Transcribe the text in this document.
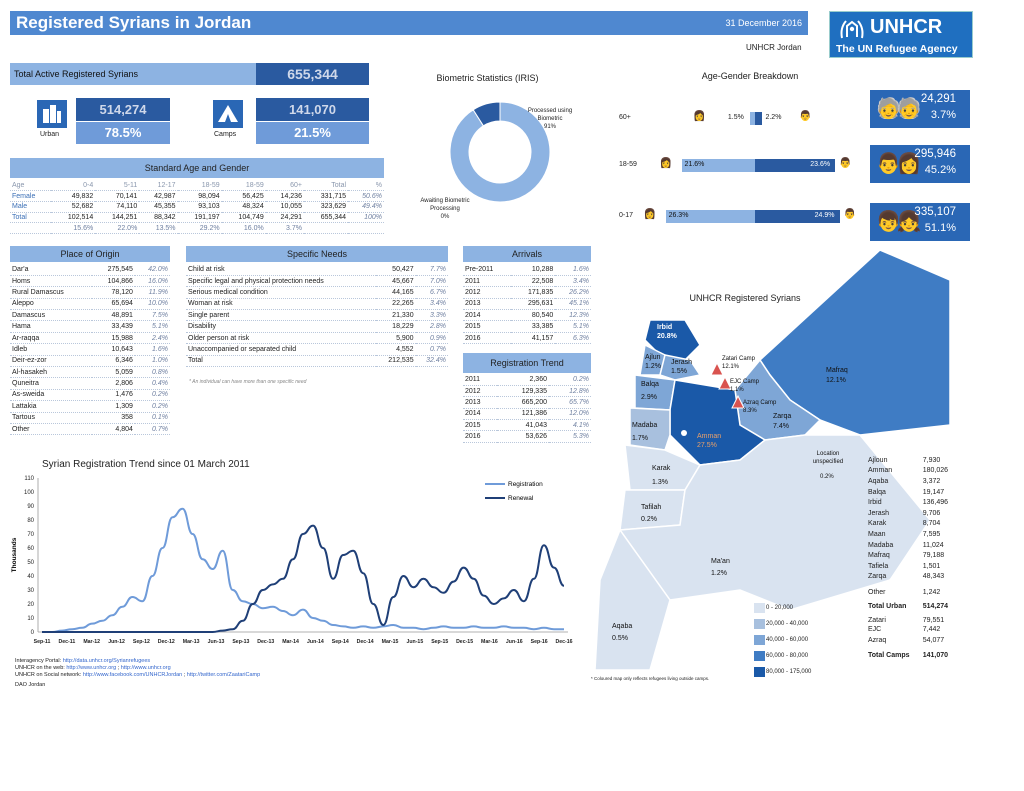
Registered Syrians in Jordan	31 December 2016	UNHCR
The UN Refugee Agency
UNHCR Jordan
Total Active Registered Syrians	655,344
Urban
514,274
78.5%	Camps
141,070
21.5%
Standard Age and Gender
Age	0-4	5-11	12-17	18-59	18-59	60+	Total	%
Female	49,832	70,141	42,987	98,094	56,425	14,236	331,715	50.6%
Male	52,682	74,110	45,355	93,103	48,324	10,055	323,629	49.4%
Total	102,514	144,251	88,342	191,197	104,749	24,291	655,344	100%
	15.6%	22.0%	13.5%	29.2%	16.0%	3.7%		
Biometric Statistics (IRIS)
Processed using Biometric
91%
Awaiting Biometric Processing
0%
Age-Gender Breakdown
60+	1.5%	2.2%
👩	👨
18-59	21.6%	23.6%
👩	👨
0-17	26.3%	24.9%
👩	👨
🧓🧓 24,291
3.7%
👨👩
295,946
45.2%
👦👧
335,107
51.1%
Place of Origin
Dar'a	275,545	42.0%
Homs	104,866	16.0%
Rural Damascus	78,120	11.9%
Aleppo	65,694	10.0%
Damascus	48,891	7.5%
Hama	33,439	5.1%
Ar-raqqa	15,988	2.4%
Idleb	10,643	1.6%
Deir-ez-zor	6,346	1.0%
Al-hasakeh	5,059	0.8%
Quneitra	2,806	0.4%
As-sweida	1,476	0.2%
Lattakia	1,309	0.2%
Tartous	358	0.1%
Other	4,804	0.7%
Specific Needs
Child at risk	50,427	7.7%
Specific legal and physical protection needs	45,667	7.0%
Serious medical condition	44,165	6.7%
Woman at risk	22,265	3.4%
Single parent	21,330	3.3%
Disability	18,229	2.8%
Older person at risk	5,900	0.9%
Unaccompanied or separated child	4,552	0.7%
Total	212,535	32.4%
* An individual can have more than one specific need
Arrivals
Pre-2011	10,288	1.6%
2011	22,508	3.4%
2012	171,835	26.2%
2013	295,631	45.1%
2014	80,540	12.3%
2015	33,385	5.1%
2016	41,157	6.3%
Registration Trend
2011	2,360	0.2%
2012	129,335	12.8%
2013	665,200	65.7%
2014	121,386	12.0%
2015	41,043	4.1%
2016	53,626	5.3%
Syrian Registration Trend since 01 March 2011
0
10
20
30
40
50
60
70
80
90
100
110
Thousands
Sep-11 Dec-11 Mar-12 Jun-12 Sep-12 Dec-12 Mar-13 Jun-13 Sep-13 Dec-13 Mar-14 Jun-14 Sep-14 Dec-14 Mar-15 Jun-15 Sep-15 Dec-15 Mar-16 Jun-16 Sep-16 Dec-16
Registration
Renewal
Interagency Portal: http://data.unhcr.org/Syrianrefugees
UNHCR on the web: http://www.unhcr.org ; http://www.unhcr.org
UNHCR on Social network: http://www.facebook.com/UNHCRJordan ; http://twitter.com/ZaatariCamp
DAO Jordan
UNHCR Registered Syrians
Irbid
20.8%
Ajlun
1.2%
Jerash
1.5%
Balqa
2.9%
Madaba
1.7%	Amman
27.5%
Zarqa
7.4%
Mafraq
12.1%
Karak
1.3%
Tafilah
0.2%
Ma'an
1.2%
Aqaba
0.5%
Zatari Camp
12.1%
EJC Camp
1.1%
Azraq Camp
8.3%
Location unspecified
0.2%
0 - 20,000
20,000 - 40,000
40,000 - 60,000
60,000 - 80,000
80,000 - 175,000
* Coloured map only reflects refugees living outside camps.
Ajloun	7,930
Amman	180,026
Aqaba	3,372
Balqa	19,147
Irbid	136,496
Jerash	9,706
Karak	8,704
Maan	7,595
Madaba	11,024
Mafraq	79,188
Tafiela	1,501
Zarqa	48,343
Other	1,242
Total Urban	514,274
Zatari	79,551
EJC	7,442
Azraq	54,077
Total Camps	141,070
